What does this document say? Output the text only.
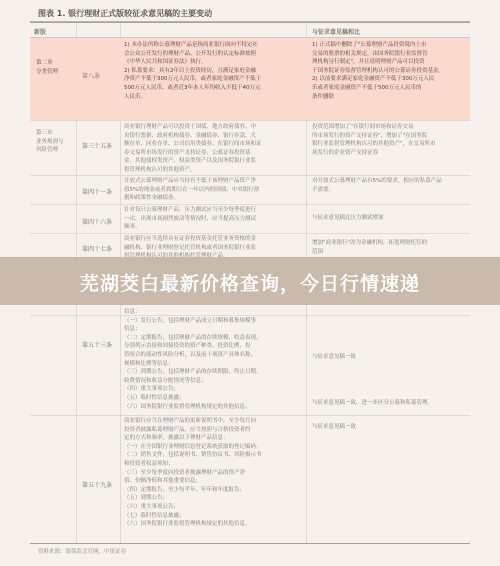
图表 1. 银行理财正式版较征求意见稿的主要变动
新版	与征求意见稿相比
第二章
分类管理
第八条
1) 本办法所称公募理财产品是指商业银行面向不特定社
会公众公开发行的理财产品。公开发行的认定标准按照
《中华人民共和国证券法》执行。
2) 私募要求：具有2年以上投资经历，且满足家庭金融
净资产不低于300万元人民币，或者家庭金融资产不低于
500万元人民币，或者近3年本人年均收入不低于40万元
人民币。
1) 正式稿中删除了"公募理财产品投资境内上市
交易的股票的相关规定，由国务院银行业监督管
理机构另行制定"，并且说明理财产品可以投资
于国务院证券监督管理机构认可的公募证券投资基金。
2) 以前要求满足家庭金融资产不低于300万元人民
币或者家庭金融资产不低于500万元人民币的
条件删除
第三章
业务规则与
风险管理
第三十五条
商业银行理财产品可以投资于国债、地方政府债券、中
央银行票据、政府机构债券、金融债券、银行存款、大
额存单、同业存单、公司信用类债券、在银行间市场和证
券交易所市场发行的资产支持证券、公募证券投资基
金、其他债权类资产、权益类资产以及国务院银行业监
督管理机构认可的其他资产。
投资范围增加了"在银行间市场和证券交易
所市场发行的资产支持证券"，增加了"在国务院
银行业监督管理机构认可的其他资产"，在交易所市
场发行的企业资产支持证券
第四十一条
开放式公募理财产品应当持有不低于该理财产品资产净
值5%的现金或者到期日在一年以内的国债、中央银行票
据和政策性金融债券。
对开放式公募理财产品有5%的要求，相应的私募产品
不需要。
第四十六条
针对每只公募理财产品，压力测试应当至少每季度进行
一次，出现市场剧烈波动等情况时，应当提高压力测试
频率。
与征求意见稿比压力测试增加
第四十七条
商业银行应当选择具有证券投资基金托管业务资格的金
融机构、银行业理财登记托管机构或者国务院银行业监

增加"商业银行"改为金融机构，拓宽理财托管的
范围
第五十三条
信息：
（一）发行公告，包括理财产品成立日期和募集规模等
信息；
（二）定期报告，包括理财产品的存续规模、收益表现，
分别列示直接和间接投资的资产种类、投资比例、投
资组合的流动性风险分析，以及前十项资产具体名称、
规模和比例等信息；
（三）到期公告，包括理财产品的存续期限、终止日期、
收费情况和收益分配情况等信息；
（四）重大事项公告；
（五）临时性信息披露；
（六）国务院银行业监督管理机构规定的其他信息。
与征求意见稿一致
第五十九条
商业银行应当在理财产品的更新说明书中，至少每月向
投资者披露私募理财产品，应当按照与合格投资者约
定的方式和频率，披露以下理财产品信息：
（一）在全国银行业理财信息登记系统获取的登记编码；
（二）销售文件，包括说明书、销售协议书、风险揭示书
和投资者权益须知；
（三）至少每季度向投资者披露理财产品的资产净
值、份额净值和其他重要信息；
（四）定期报告，至少每半年、年年和年度报告；
（五）到期公告；
（六）重大事项公告；
（七）临时性信息披露；
（八）国务院银行业监督管理机构规定的其他信息。
与征求意见稿一致，进一步区分公募和私募管理。
与征求意见稿一致
芜湖茭白最新价格查询，今日行情速递
资料来源：银保监会官网，中银证券
